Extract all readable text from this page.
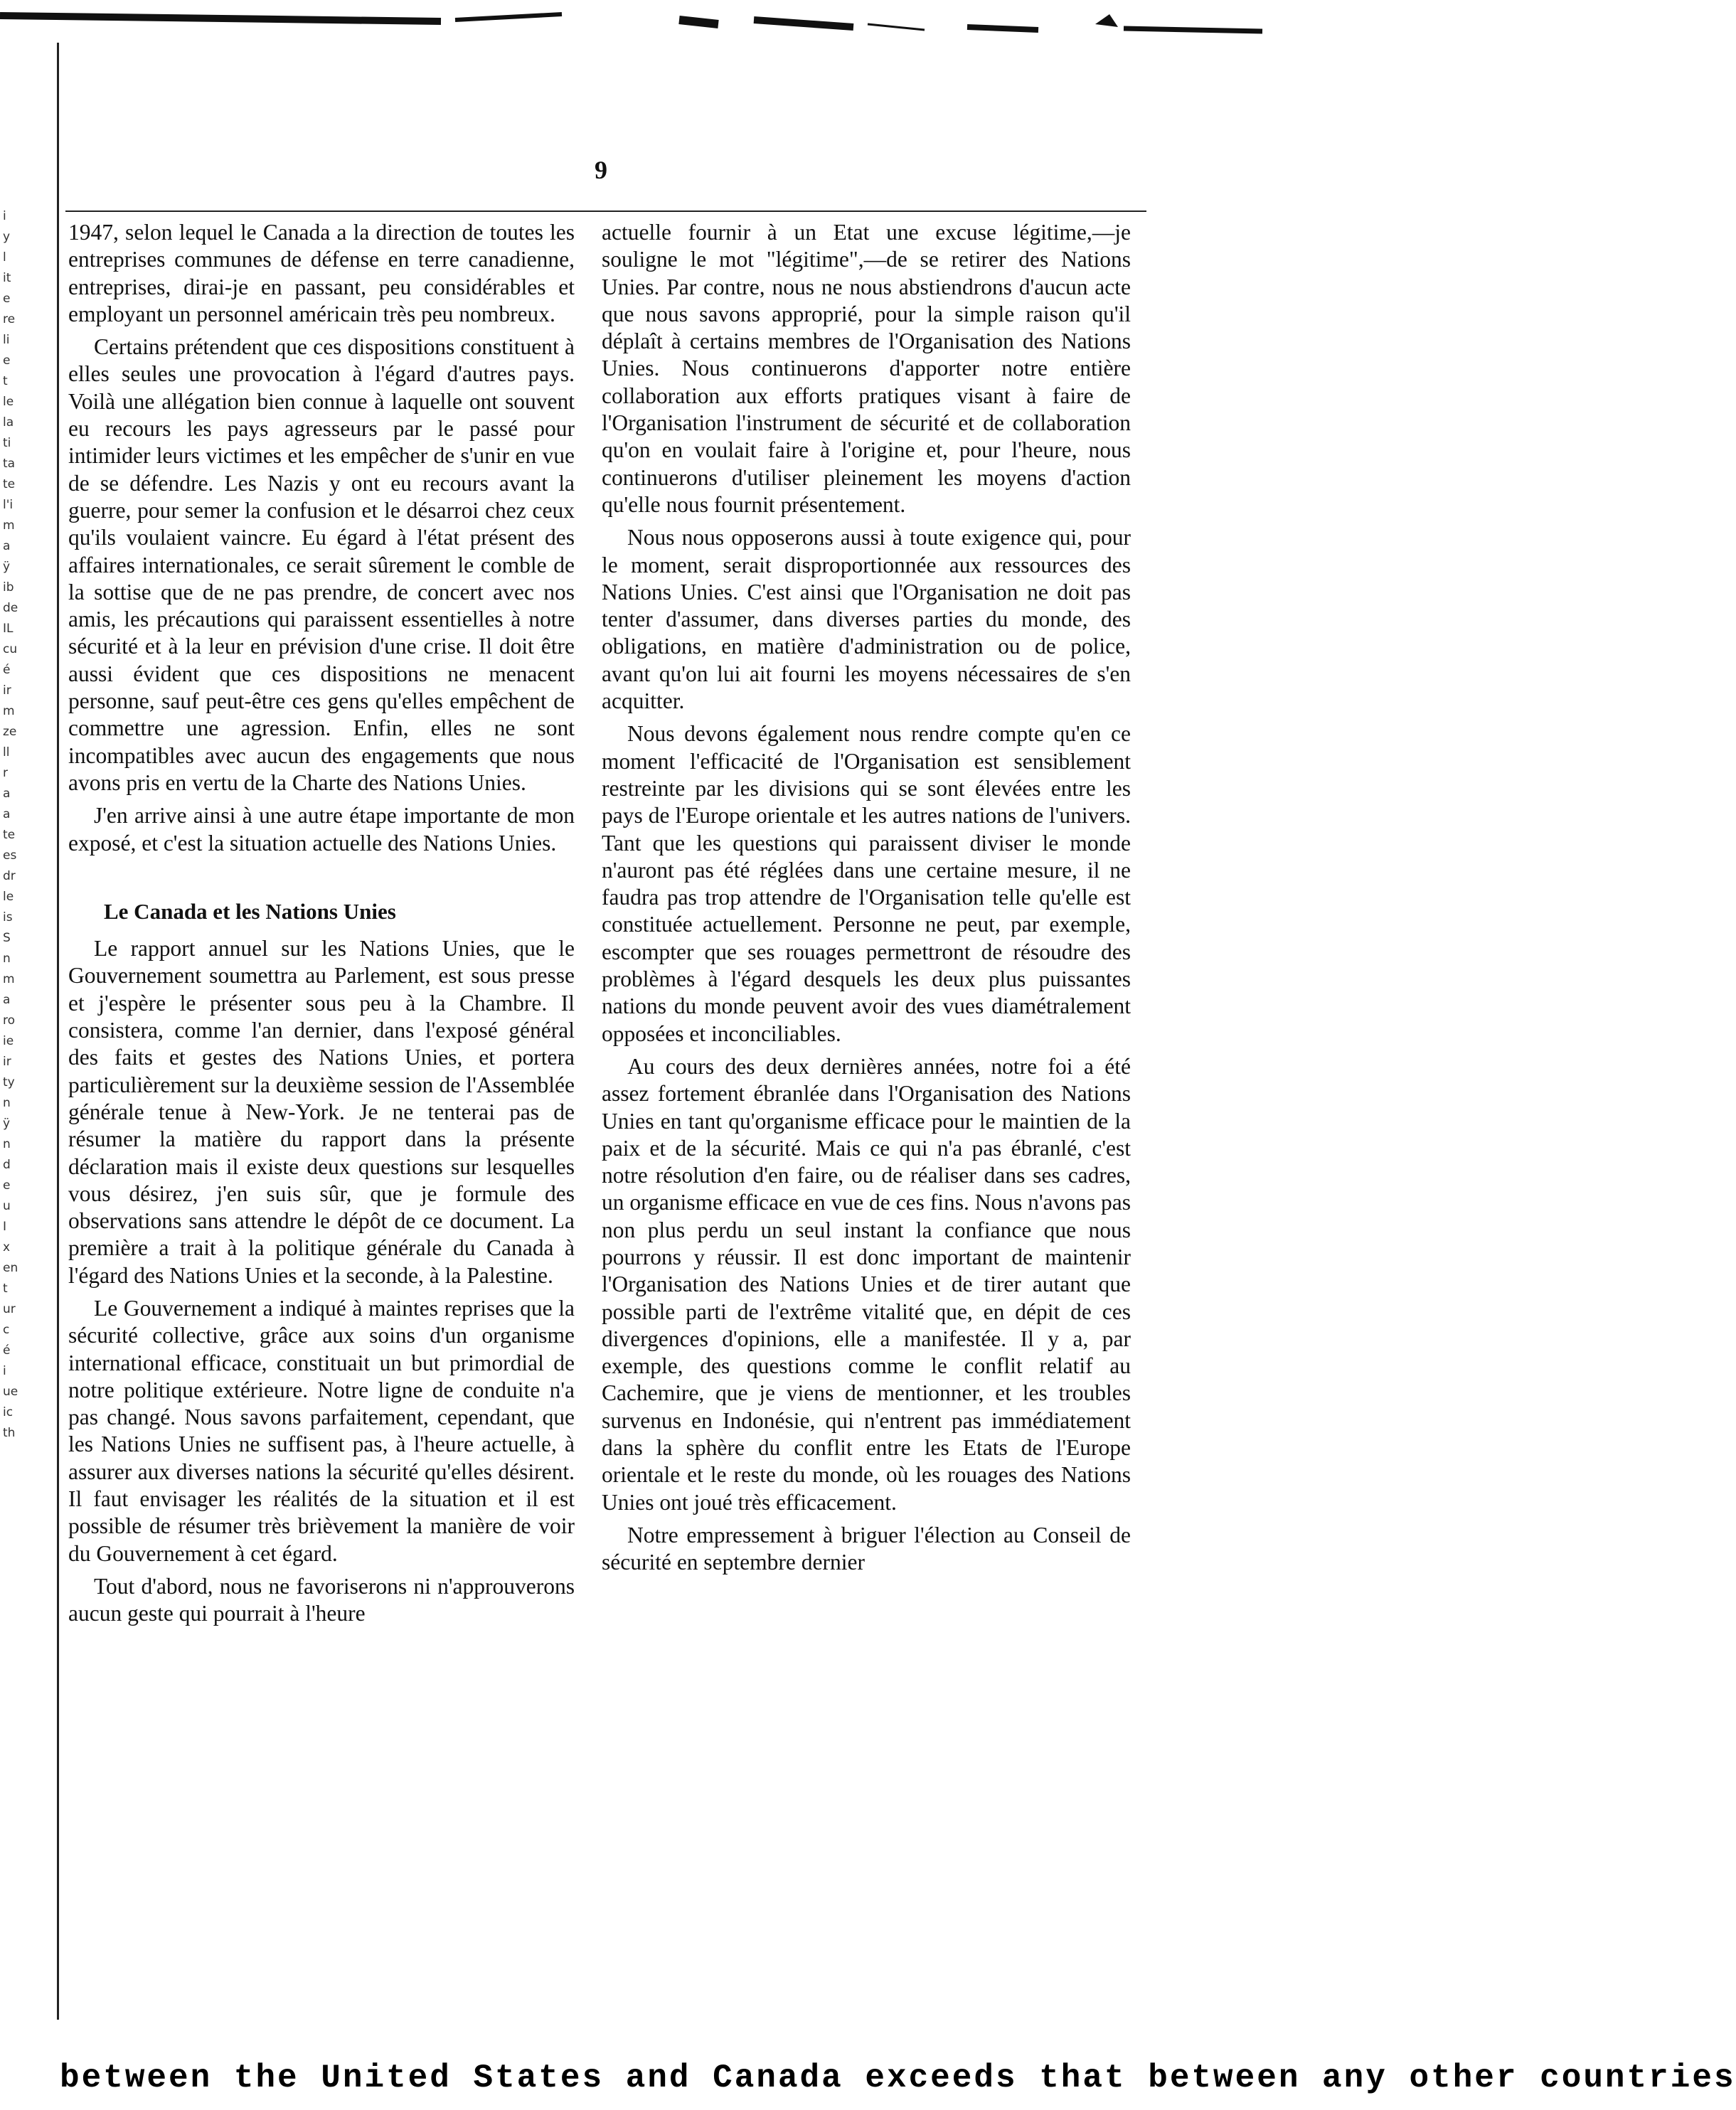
i
y
l
it
e
re
li
e
t
le
la
ti
ta
te
l'i
m
a
ÿ
ib
de
IL
cu
é
ir
m
ze
ll
r
a
a
te
es
dr
le
is
S
n
m
a
ro
ie
ir
ty
n
ÿ
n
d
e
u
I
x
en
t
ur
c
é
i
ue
ic
th
9

1947, selon lequel le Canada a la direction de toutes les entreprises communes de défense en terre canadienne, entreprises, dirai-je en passant, peu considérables et employant un personnel américain très peu nombreux.

Certains prétendent que ces dispositions constituent à elles seules une provocation à l'égard d'autres pays. Voilà une allégation bien connue à laquelle ont souvent eu recours les pays agresseurs par le passé pour intimider leurs victimes et les empêcher de s'unir en vue de se défendre. Les Nazis y ont eu recours avant la guerre, pour semer la confusion et le désarroi chez ceux qu'ils voulaient vaincre. Eu égard à l'état présent des affaires internationales, ce serait sûrement le comble de la sottise que de ne pas prendre, de concert avec nos amis, les précautions qui paraissent essentielles à notre sécurité et à la leur en prévision d'une crise. Il doit être aussi évident que ces dispositions ne menacent personne, sauf peut-être ces gens qu'elles empêchent de commettre une agression. Enfin, elles ne sont incompatibles avec aucun des engagements que nous avons pris en vertu de la Charte des Nations Unies.

J'en arrive ainsi à une autre étape importante de mon exposé, et c'est la situation actuelle des Nations Unies.

Le Canada et les Nations Unies

Le rapport annuel sur les Nations Unies, que le Gouvernement soumettra au Parlement, est sous presse et j'espère le présenter sous peu à la Chambre. Il consistera, comme l'an dernier, dans l'exposé général des faits et gestes des Nations Unies, et portera particulièrement sur la deuxième session de l'Assemblée générale tenue à New-York. Je ne tenterai pas de résumer la matière du rapport dans la présente déclaration mais il existe deux questions sur lesquelles vous désirez, j'en suis sûr, que je formule des observations sans attendre le dépôt de ce document. La première a trait à la politique générale du Canada à l'égard des Nations Unies et la seconde, à la Palestine.

Le Gouvernement a indiqué à maintes reprises que la sécurité collective, grâce aux soins d'un organisme international efficace, constituait un but primordial de notre politique extérieure. Notre ligne de conduite n'a pas changé. Nous savons parfaitement, cependant, que les Nations Unies ne suffisent pas, à l'heure actuelle, à assurer aux diverses nations la sécurité qu'elles désirent. Il faut envisager les réalités de la situation et il est possible de résumer très brièvement la manière de voir du Gouvernement à cet égard.

Tout d'abord, nous ne favoriserons ni n'approuverons aucun geste qui pourrait à l'heure

actuelle fournir à un Etat une excuse légitime,—je souligne le mot "légitime",—de se retirer des Nations Unies. Par contre, nous ne nous abstiendrons d'aucun acte que nous savons approprié, pour la simple raison qu'il déplaît à certains membres de l'Organisation des Nations Unies. Nous continuerons d'apporter notre entière collaboration aux efforts pratiques visant à faire de l'Organisation l'instrument de sécurité et de collaboration qu'on en voulait faire à l'origine et, pour l'heure, nous continuerons d'utiliser pleinement les moyens d'action qu'elle nous fournit présentement.

Nous nous opposerons aussi à toute exigence qui, pour le moment, serait disproportionnée aux ressources des Nations Unies. C'est ainsi que l'Organisation ne doit pas tenter d'assumer, dans diverses parties du monde, des obligations, en matière d'administration ou de police, avant qu'on lui ait fourni les moyens nécessaires de s'en acquitter.

Nous devons également nous rendre compte qu'en ce moment l'efficacité de l'Organisation est sensiblement restreinte par les divisions qui se sont élevées entre les pays de l'Europe orientale et les autres nations de l'univers. Tant que les questions qui paraissent diviser le monde n'auront pas été réglées dans une certaine mesure, il ne faudra pas trop attendre de l'Organisation telle qu'elle est constituée actuellement. Personne ne peut, par exemple, escompter que ses rouages permettront de résoudre des problèmes à l'égard desquels les deux plus puissantes nations du monde peuvent avoir des vues diamétralement opposées et inconciliables.

Au cours des deux dernières années, notre foi a été assez fortement ébranlée dans l'Organisation des Nations Unies en tant qu'organisme efficace pour le maintien de la paix et de la sécurité. Mais ce qui n'a pas ébranlé, c'est notre résolution d'en faire, ou de réaliser dans ses cadres, un organisme efficace en vue de ces fins. Nous n'avons pas non plus perdu un seul instant la confiance que nous pourrons y réussir. Il est donc important de maintenir l'Organisation des Nations Unies et de tirer autant que possible parti de l'extrême vitalité que, en dépit de ces divergences d'opinions, elle a manifestée. Il y a, par exemple, des questions comme le conflit relatif au Cachemire, que je viens de mentionner, et les troubles survenus en Indonésie, qui n'entrent pas immédiatement dans la sphère du conflit entre les Etats de l'Europe orientale et le reste du monde, où les rouages des Nations Unies ont joué très efficacement.

Notre empressement à briguer l'élection au Conseil de sécurité en septembre dernier

between the United States and Canada exceeds that between any other countries
